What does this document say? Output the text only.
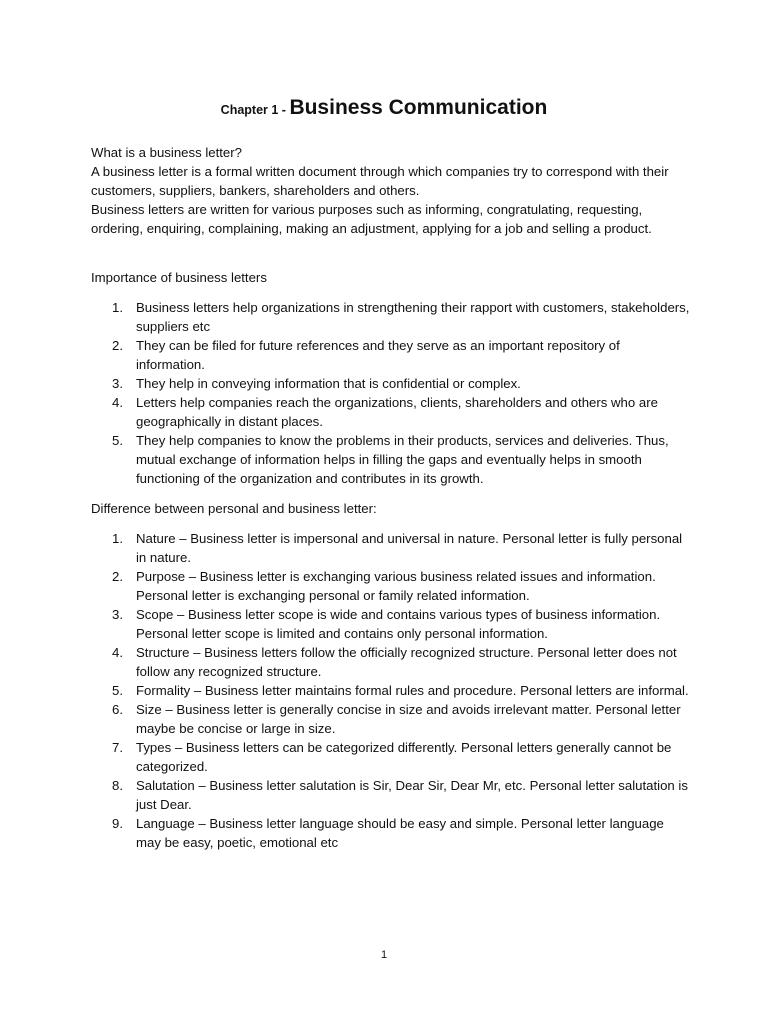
Chapter 1 - Business Communication

What is a business letter?

A business letter is a formal written document through which companies try to correspond with their customers, suppliers, bankers, shareholders and others.

Business letters are written for various purposes such as informing, congratulating, requesting, ordering, enquiring, complaining, making an adjustment, applying for a job and selling a product.

Importance of business letters

1. Business letters help organizations in strengthening their rapport with customers, stakeholders, suppliers etc
2. They can be filed for future references and they serve as an important repository of information.
3. They help in conveying information that is confidential or complex.
4. Letters help companies reach the organizations, clients, shareholders and others who are geographically in distant places.
5. They help companies to know the problems in their products, services and deliveries. Thus, mutual exchange of information helps in filling the gaps and eventually helps in smooth functioning of the organization and contributes in its growth.

Difference between personal and business letter:

1. Nature – Business letter is impersonal and universal in nature. Personal letter is fully personal in nature.
2. Purpose – Business letter is exchanging various business related issues and information. Personal letter is exchanging personal or family related information.
3. Scope – Business letter scope is wide and contains various types of business information. Personal letter scope is limited and contains only personal information.
4. Structure – Business letters follow the officially recognized structure. Personal letter does not follow any recognized structure.
5. Formality – Business letter maintains formal rules and procedure. Personal letters are informal.
6. Size – Business letter is generally concise in size and avoids irrelevant matter. Personal letter maybe be concise or large in size.
7. Types – Business letters can be categorized differently. Personal letters generally cannot be categorized.
8. Salutation – Business letter salutation is Sir, Dear Sir, Dear Mr, etc. Personal letter salutation is just Dear.
9. Language – Business letter language should be easy and simple. Personal letter language may be easy, poetic, emotional etc
1
